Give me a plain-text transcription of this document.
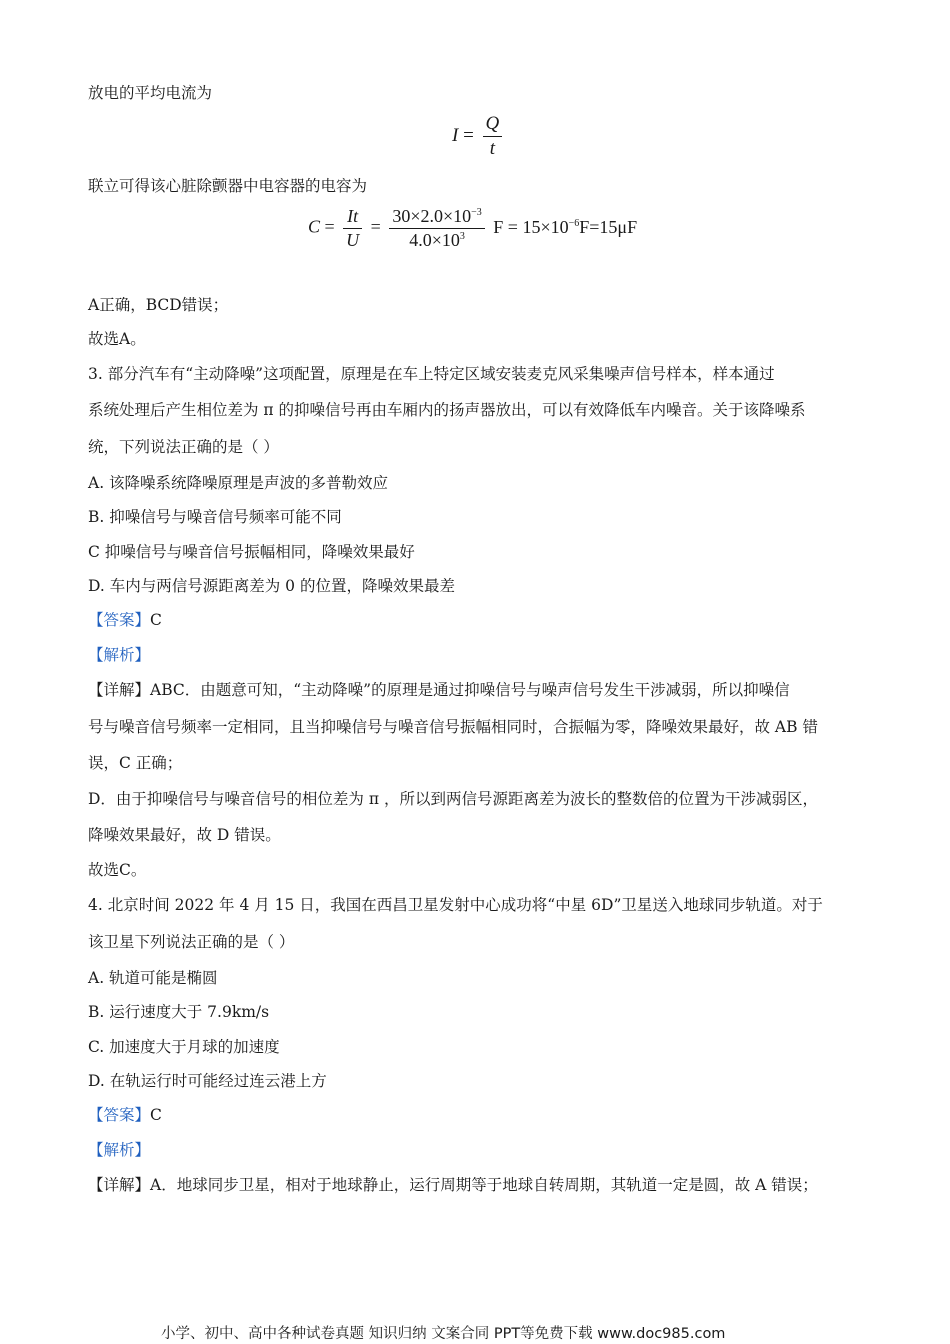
放电的平均电流为
$I = \frac{Q}{t}$
联立可得该心脏除颤器中电容器的电容为
$C = \frac{It}{U} = \frac{30\times 2.0\times 10^{-3}}{4.0\times 10^3}$ $F = 15\times 10^{-6}F=15\mu F$
A正确，BCD错误；
故选A。
3. 部分汽车有“主动降噪”这项配置，原理是在车上特定区域安装麦克风采集噪声信号样本，样本通过
系统处理后产生相位差为 π 的抑噪信号再由车厢内的扬声器放出，可以有效降低车内噪音。关于该降噪系
统，下列说法正确的是（ ）
A. 该降噪系统降噪原理是声波的多普勒效应
B. 抑噪信号与噪音信号频率可能不同
C 抑噪信号与噪音信号振幅相同，降噪效果最好
D. 车内与两信号源距离差为 0 的位置，降噪效果最差
【答案】C
【解析】
【详解】ABC．由题意可知，“主动降噪”的原理是通过抑噪信号与噪声信号发生干涉减弱，所以抑噪信
号与噪音信号频率一定相同，且当抑噪信号与噪音信号振幅相同时，合振幅为零，降噪效果最好，故 AB 错
误，C 正确；
D．由于抑噪信号与噪音信号的相位差为 π ，所以到两信号源距离差为波长的整数倍的位置为干涉减弱区，
降噪效果最好，故 D 错误。
故选C。
4. 北京时间 2022 年 4 月 15 日，我国在西昌卫星发射中心成功将“中星 6D”卫星送入地球同步轨道。对于
该卫星下列说法正确的是（ ）
A. 轨道可能是椭圆
B. 运行速度大于 7.9km/s
C. 加速度大于月球的加速度
D. 在轨运行时可能经过连云港上方
【答案】C
【解析】
【详解】A．地球同步卫星，相对于地球静止，运行周期等于地球自转周期，其轨道一定是圆，故 A 错误；
小学、初中、高中各种试卷真题 知识归纳 文案合同 PPT等免费下载 www.doc985.com
